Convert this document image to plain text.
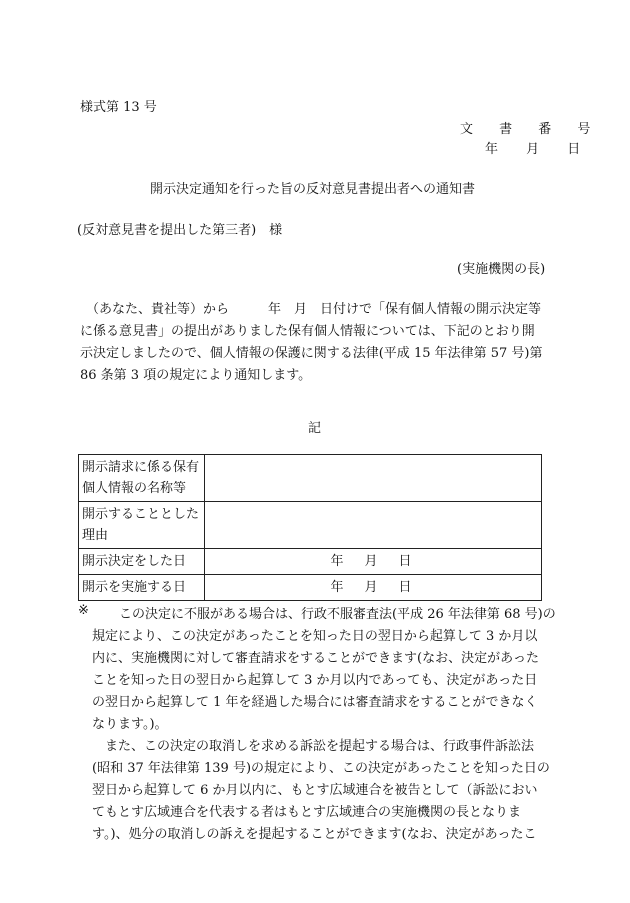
様式第 13 号
文 書 番 号
年 月 日
開示決定通知を行った旨の反対意見書提出者への通知書
(反対意見書を提出した第三者)　様
(実施機関の長)
（あなた、貴社等）から　　　年　月　日付けで「保有個人情報の開示決定等
に係る意見書」の提出がありました保有個人情報については、下記のとおり開
示決定しましたので、個人情報の保護に関する法律(平成 15 年法律第 57 号)第
86 条第 3 項の規定により通知します。
記
開示請求に係る保有
個人情報の名称等	

開示することとした
理由	

開示決定をした日	年　月　日

開示を実施する日	年　月　日
※ この決定に不服がある場合は、行政不服審査法(平成 26 年法律第 68 号)の
規定により、この決定があったことを知った日の翌日から起算して 3 か月以
内に、実施機関に対して審査請求をすることができます(なお、決定があった
ことを知った日の翌日から起算して 3 か月以内であっても、決定があった日
の翌日から起算して 1 年を経過した場合には審査請求をすることができなく
なります。)。
　また、この決定の取消しを求める訴訟を提起する場合は、行政事件訴訟法
(昭和 37 年法律第 139 号)の規定により、この決定があったことを知った日の
翌日から起算して 6 か月以内に、もとす広域連合を被告として（訴訟におい
てもとす広域連合を代表する者はもとす広域連合の実施機関の長となりま
す。)、処分の取消しの訴えを提起することができます(なお、決定があったこ
